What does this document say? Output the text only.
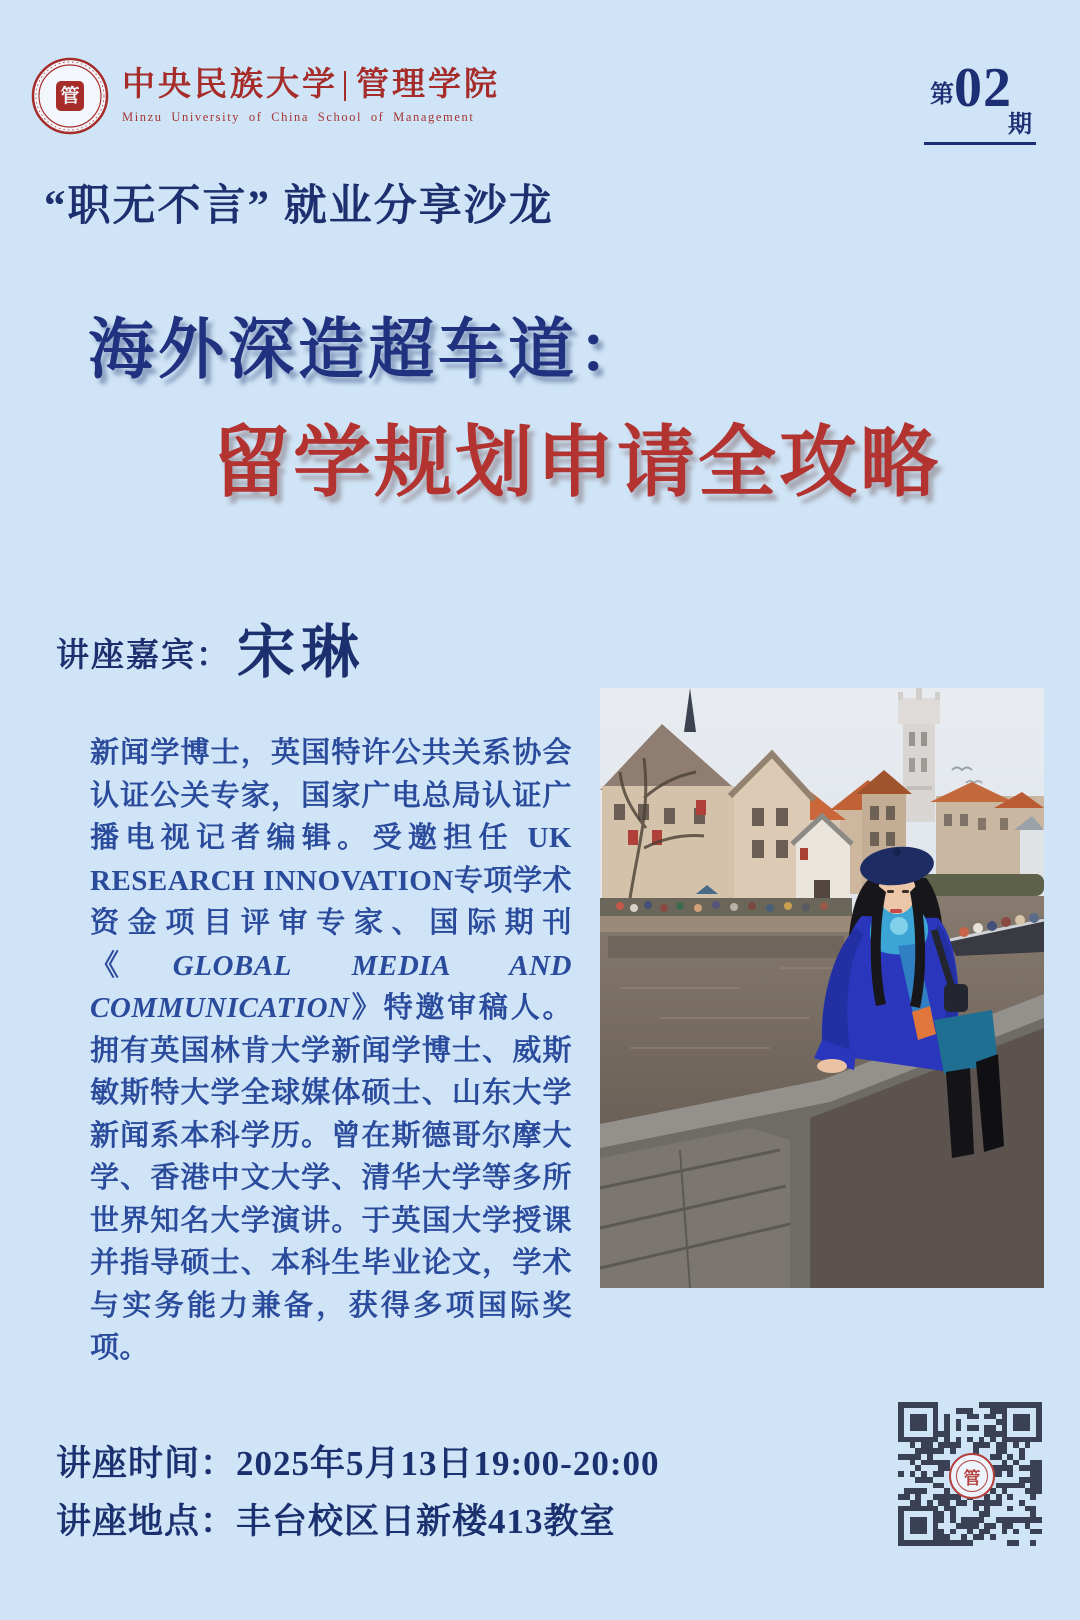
管 中央民族大学 管理学院
Minzu University of China School of Management
第 02
期
“职无不言” 就业分享沙龙
海外深造超车道：
留学规划申请全攻略
讲座嘉宾： 宋琳
新闻学博士，英国特许公共关系协会认证公关专家，国家广电总局认证广播电视记者编辑。受邀担任 UK RESEARCH INNOVATION专项学术资金项目评审专家、国际期刊《GLOBAL MEDIA AND COMMUNICATION》特邀审稿人。拥有英国林肯大学新闻学博士、威斯敏斯特大学全球媒体硕士、山东大学新闻系本科学历。曾在斯德哥尔摩大学、香港中文大学、清华大学等多所世界知名大学演讲。于英国大学授课并指导硕士、本科生毕业论文，学术与实务能力兼备，获得多项国际奖项。
讲座时间：2025年5月13日19:00-20:00
讲座地点：丰台校区日新楼413教室
管
